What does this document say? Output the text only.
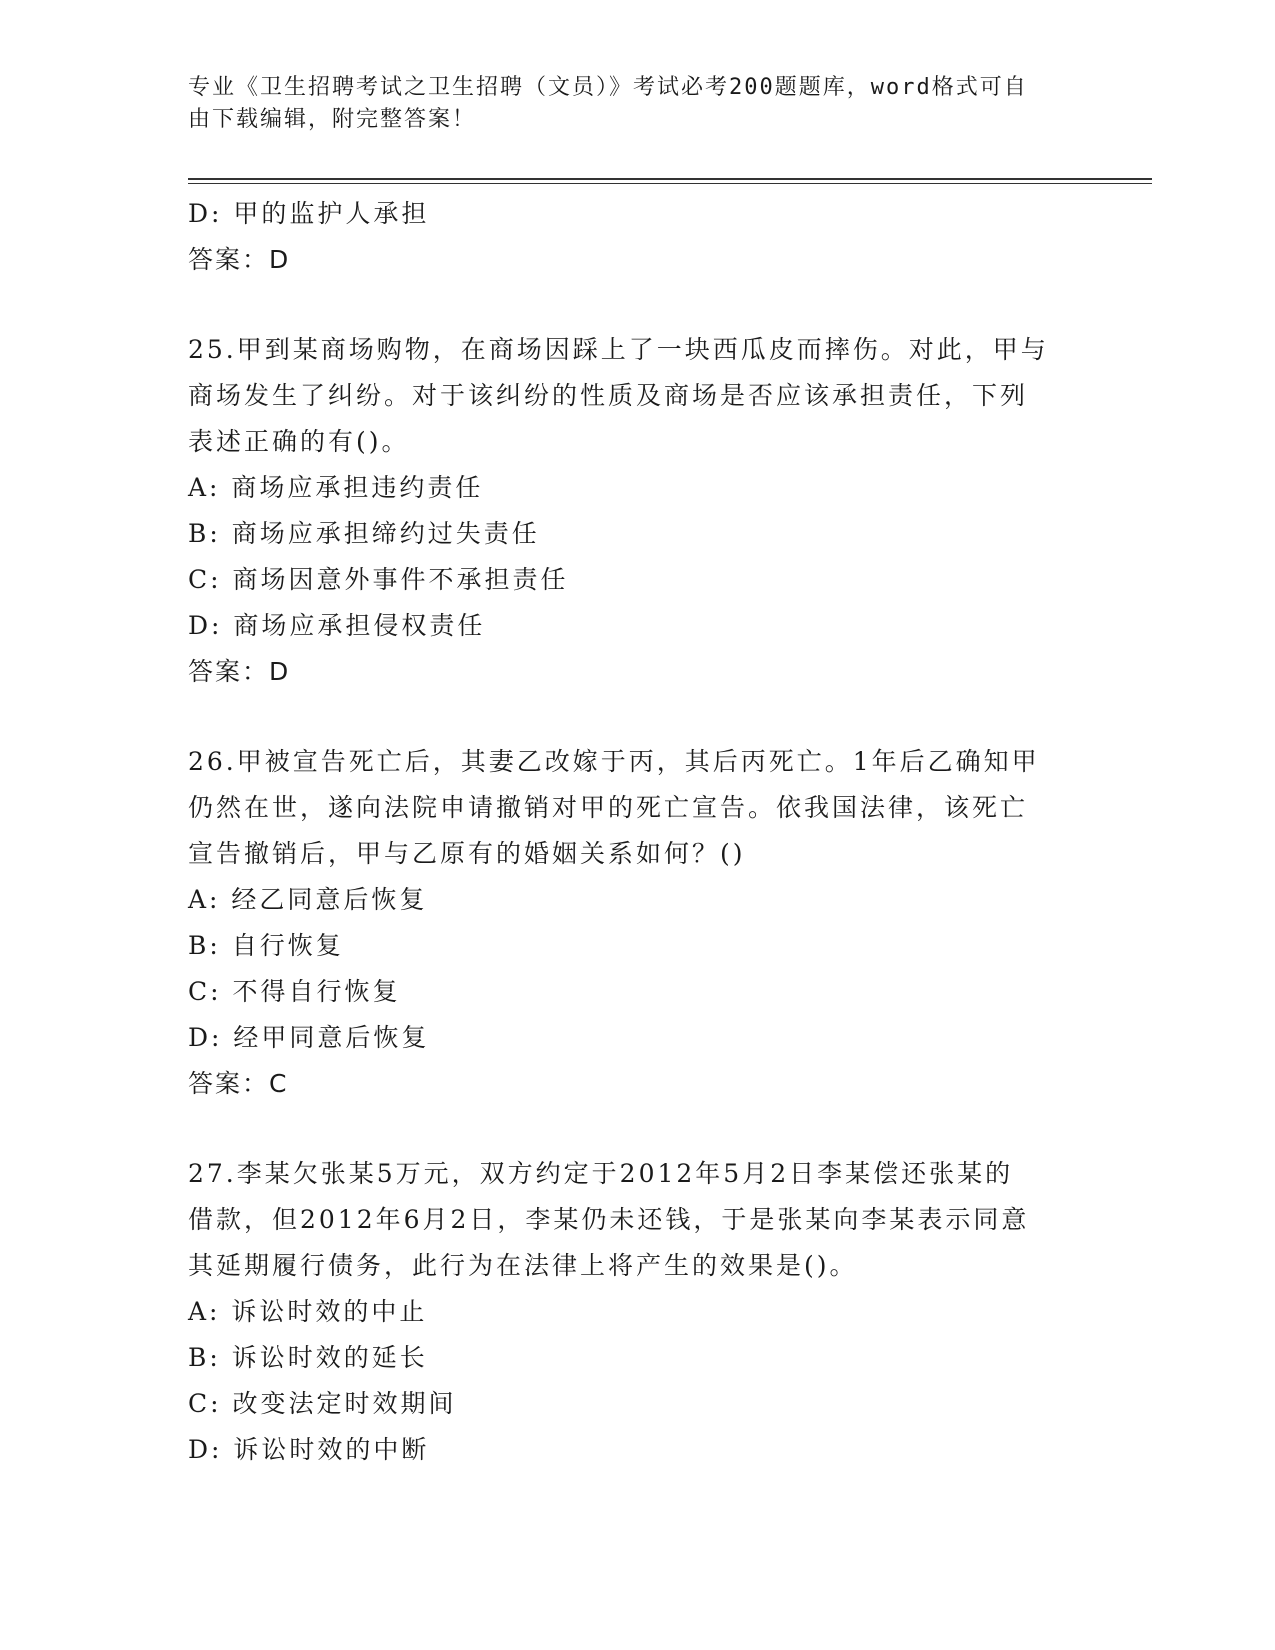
专业《卫生招聘考试之卫生招聘（文员）》考试必考200题题库，word格式可自
由下载编辑，附完整答案！
D: 甲的监护人承担
答案：D
25.甲到某商场购物，在商场因踩上了一块西瓜皮而摔伤。对此，甲与
商场发生了纠纷。对于该纠纷的性质及商场是否应该承担责任，下列
表述正确的有()。
A: 商场应承担违约责任
B: 商场应承担缔约过失责任
C: 商场因意外事件不承担责任
D: 商场应承担侵权责任
答案：D
26.甲被宣告死亡后，其妻乙改嫁于丙，其后丙死亡。1年后乙确知甲
仍然在世，遂向法院申请撤销对甲的死亡宣告。依我国法律，该死亡
宣告撤销后，甲与乙原有的婚姻关系如何？()
A: 经乙同意后恢复
B: 自行恢复
C: 不得自行恢复
D: 经甲同意后恢复
答案：C
27.李某欠张某5万元，双方约定于2012年5月2日李某偿还张某的
借款，但2012年6月2日，李某仍未还钱，于是张某向李某表示同意
其延期履行债务，此行为在法律上将产生的效果是()。
A: 诉讼时效的中止
B: 诉讼时效的延长
C: 改变法定时效期间
D: 诉讼时效的中断
